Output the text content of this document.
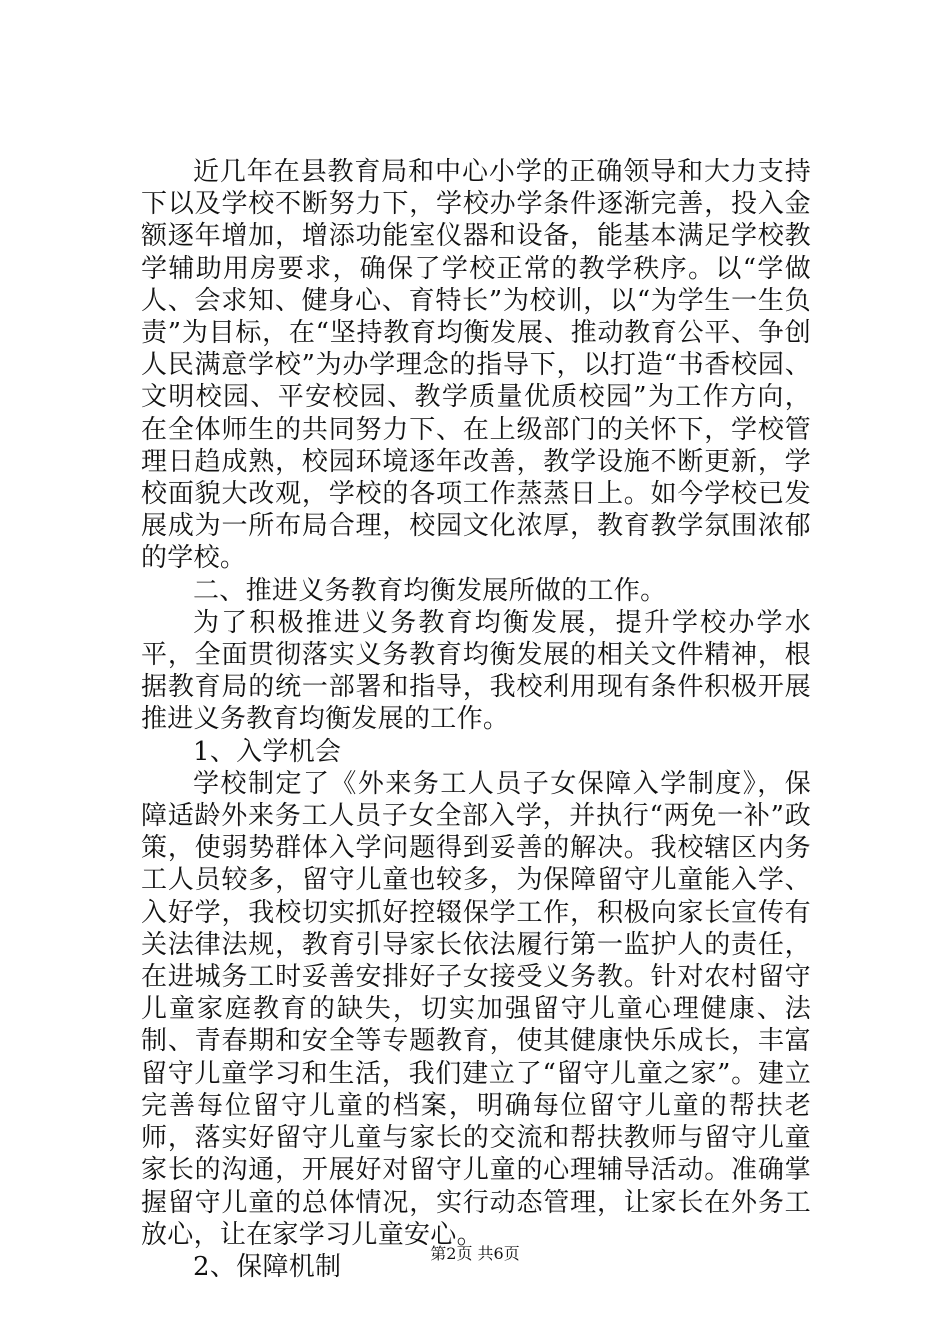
近几年在县教育局和中心小学的正确领导和大力支持下以及学校不断努力下，学校办学条件逐渐完善，投入金额逐年增加，增添功能室仪器和设备，能基本满足学校教学辅助用房要求，确保了学校正常的教学秩序。以“学做人、会求知、健身心、育特长”为校训，以“为学生一生负责”为目标，在“坚持教育均衡发展、推动教育公平、争创人民满意学校”为办学理念的指导下，以打造“书香校园、文明校园、平安校园、教学质量优质校园”为工作方向，在全体师生的共同努力下、在上级部门的关怀下，学校管理日趋成熟，校园环境逐年改善，教学设施不断更新，学校面貌大改观，学校的各项工作蒸蒸日上。如今学校已发展成为一所布局合理，校园文化浓厚，教育教学氛围浓郁的学校。

二、推进义务教育均衡发展所做的工作。

为了积极推进义务教育均衡发展，提升学校办学水平，全面贯彻落实义务教育均衡发展的相关文件精神，根据教育局的统一部署和指导，我校利用现有条件积极开展推进义务教育均衡发展的工作。

1、入学机会

学校制定了《外来务工人员子女保障入学制度》，保障适龄外来务工人员子女全部入学，并执行“两免一补”政策，使弱势群体入学问题得到妥善的解决。我校辖区内务工人员较多，留守儿童也较多，为保障留守儿童能入学、入好学，我校切实抓好控辍保学工作，积极向家长宣传有关法律法规，教育引导家长依法履行第一监护人的责任，在进城务工时妥善安排好子女接受义务教。针对农村留守儿童家庭教育的缺失，切实加强留守儿童心理健康、法制、青春期和安全等专题教育，使其健康快乐成长，丰富留守儿童学习和生活，我们建立了“留守儿童之家”。建立完善每位留守儿童的档案，明确每位留守儿童的帮扶老师，落实好留守儿童与家长的交流和帮扶教师与留守儿童家长的沟通，开展好对留守儿童的心理辅导活动。准确掌握留守儿童的总体情况，实行动态管理，让家长在外务工放心，让在家学习儿童安心。

2、保障机制	第2页 共6页
